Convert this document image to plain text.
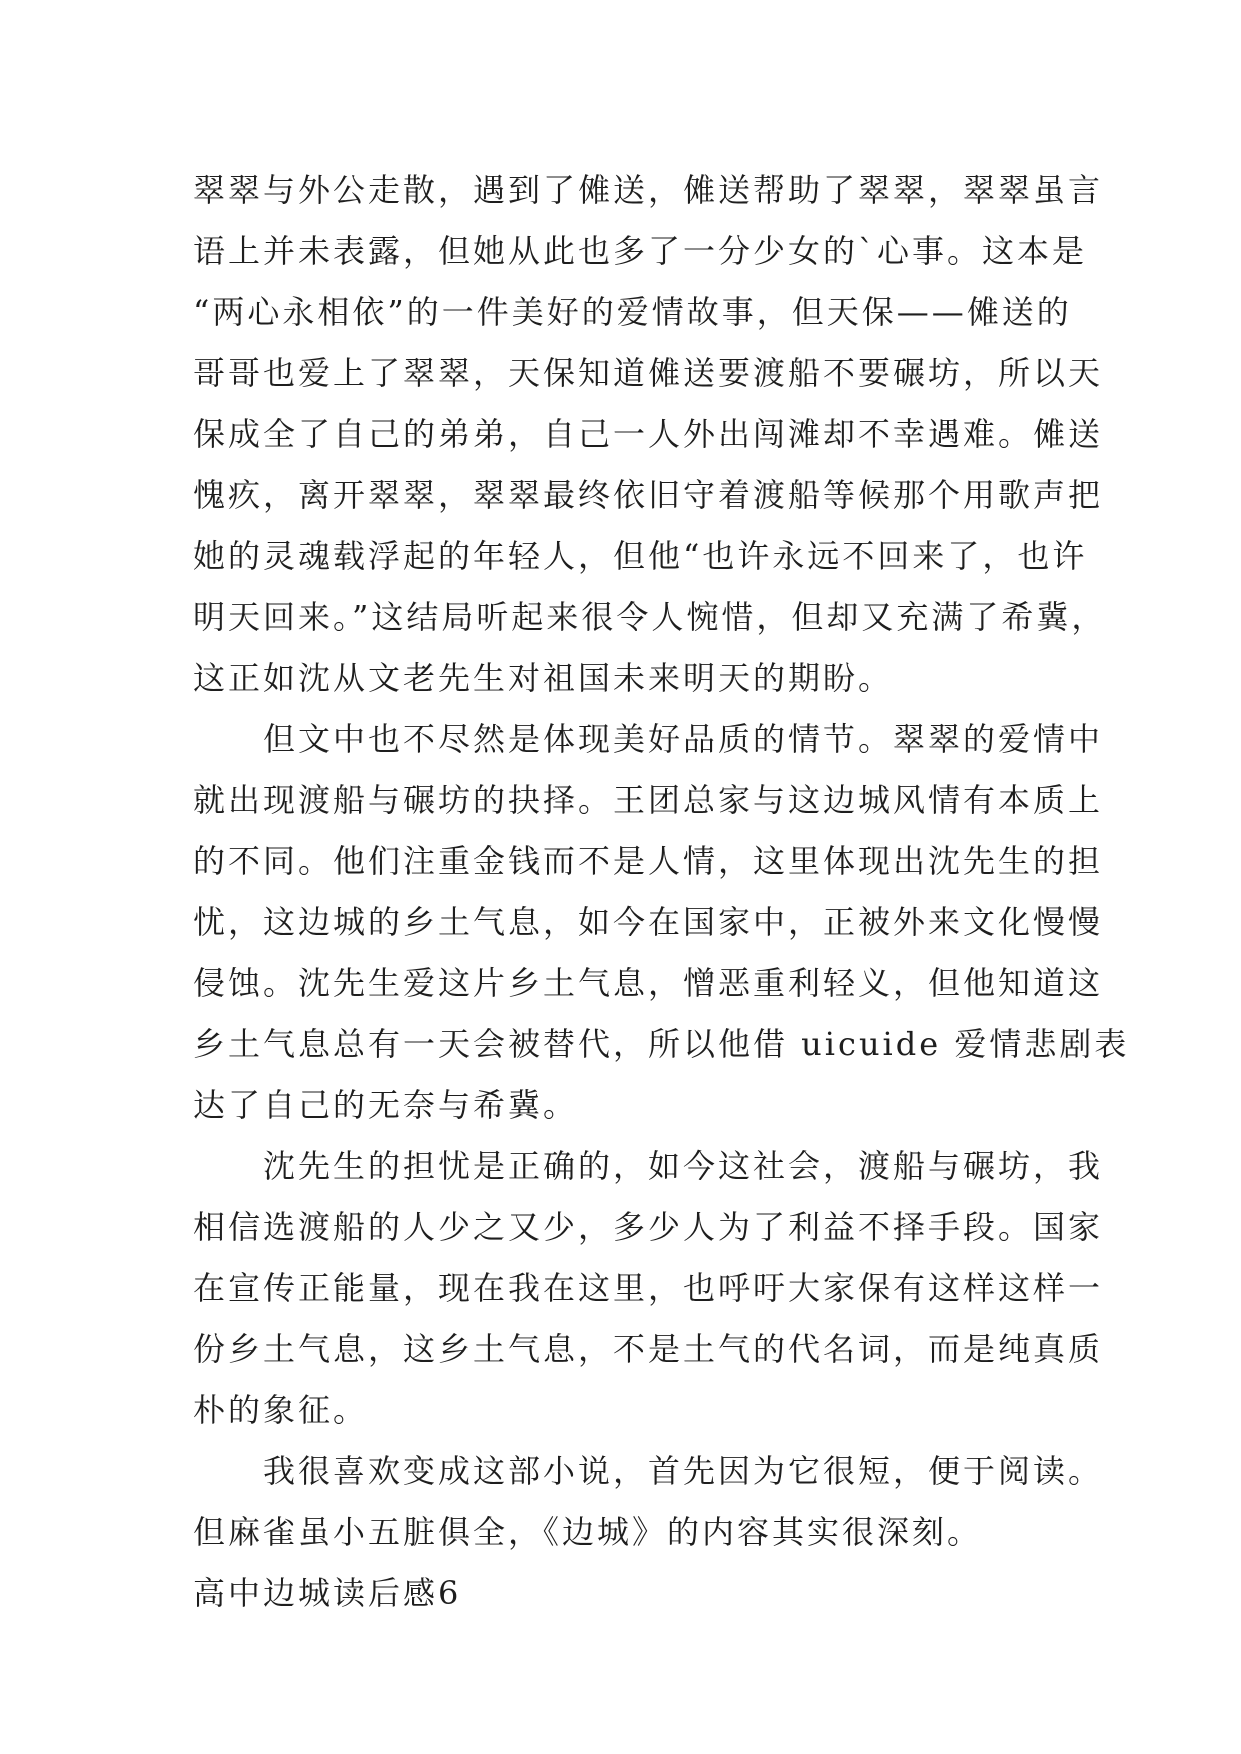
翠翠与外公走散，遇到了傩送，傩送帮助了翠翠，翠翠虽言
语上并未表露，但她从此也多了一分少女的`心事。这本是
“两心永相依”的一件美好的爱情故事，但天保——傩送的
哥哥也爱上了翠翠，天保知道傩送要渡船不要碾坊，所以天
保成全了自己的弟弟，自己一人外出闯滩却不幸遇难。傩送
愧疚，离开翠翠，翠翠最终依旧守着渡船等候那个用歌声把
她的灵魂载浮起的年轻人，但他“也许永远不回来了，也许
明天回来。”这结局听起来很令人惋惜，但却又充满了希冀，
这正如沈从文老先生对祖国未来明天的期盼。
但文中也不尽然是体现美好品质的情节。翠翠的爱情中
就出现渡船与碾坊的抉择。王团总家与这边城风情有本质上
的不同。他们注重金钱而不是人情，这里体现出沈先生的担
忧，这边城的乡土气息，如今在国家中，正被外来文化慢慢
侵蚀。沈先生爱这片乡土气息，憎恶重利轻义，但他知道这
乡土气息总有一天会被替代，所以他借 uicuide 爱情悲剧表
达了自己的无奈与希冀。
沈先生的担忧是正确的，如今这社会，渡船与碾坊，我
相信选渡船的人少之又少，多少人为了利益不择手段。国家
在宣传正能量，现在我在这里，也呼吁大家保有这样这样一
份乡土气息，这乡土气息，不是土气的代名词，而是纯真质
朴的象征。
我很喜欢变成这部小说，首先因为它很短，便于阅读。
但麻雀虽小五脏俱全，《边城》的内容其实很深刻。
高中边城读后感6
